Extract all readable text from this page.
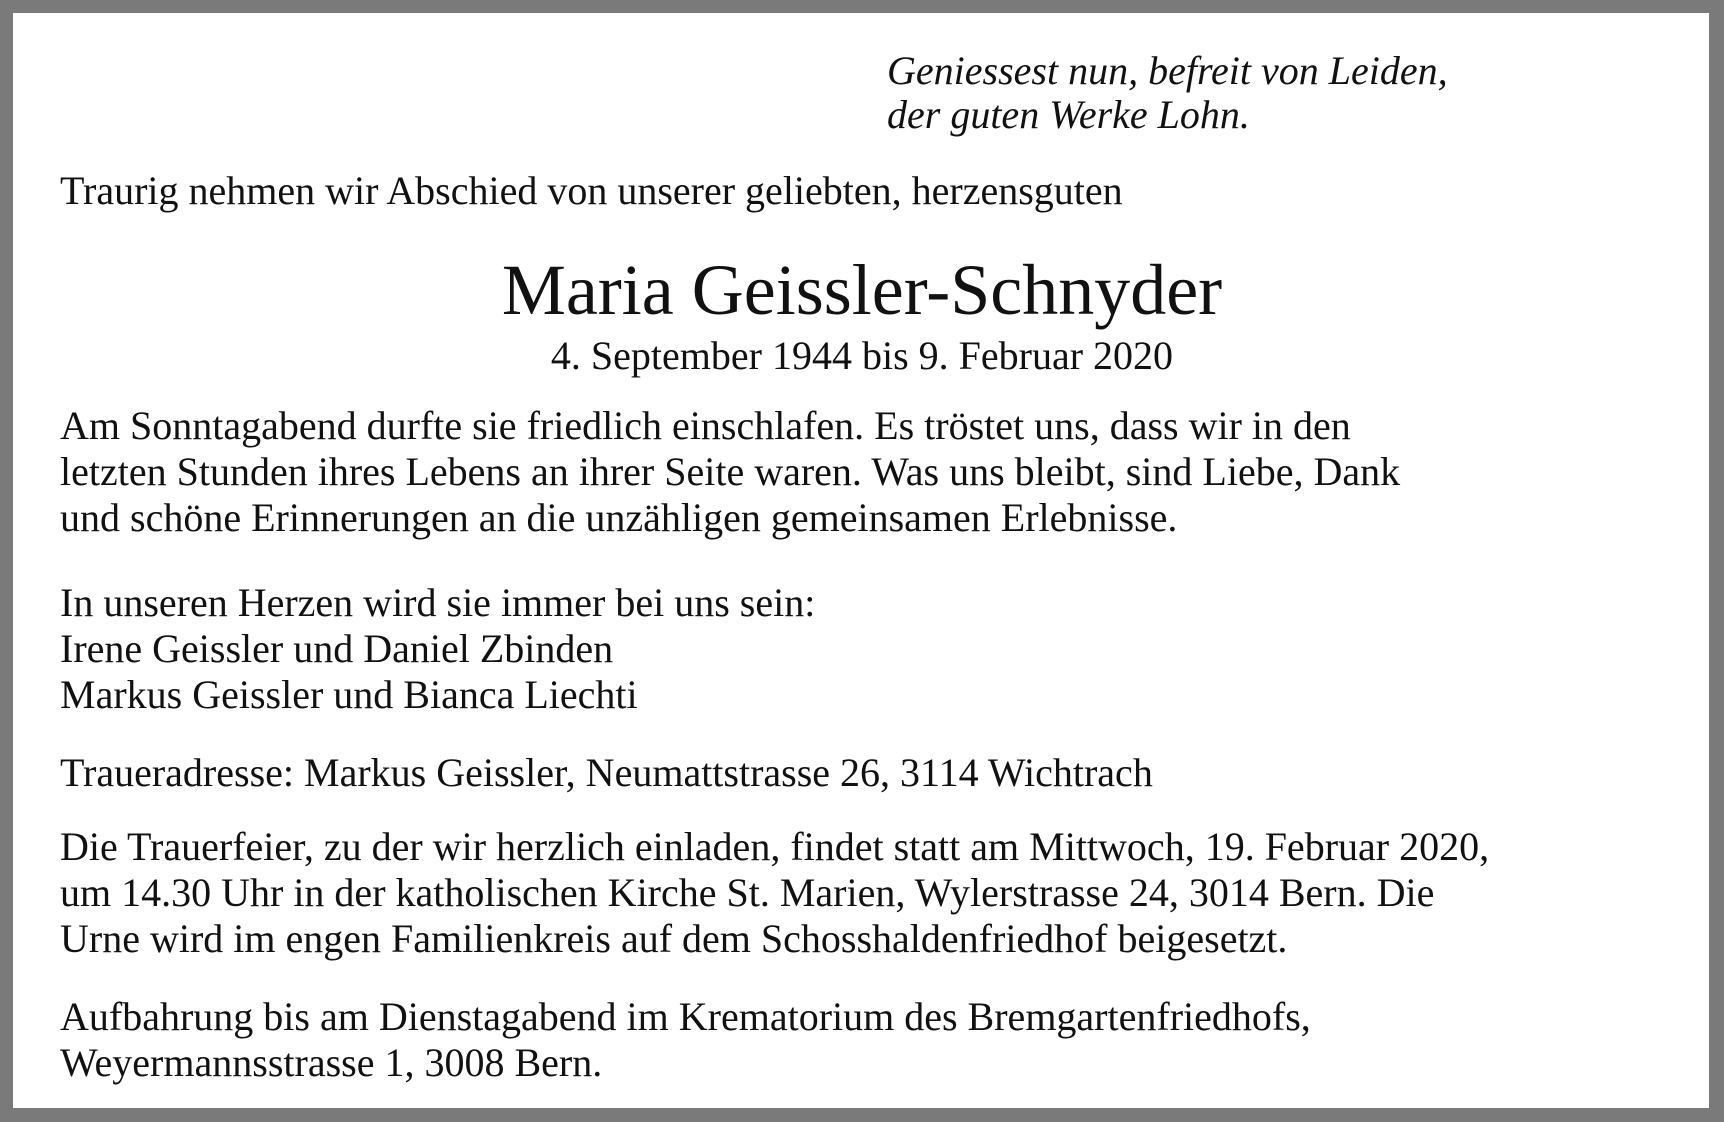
Geniessest nun, befreit von Leiden,
der guten Werke Lohn.
Traurig nehmen wir Abschied von unserer geliebten, herzensguten
Maria Geissler-Schnyder
4. September 1944 bis 9. Februar 2020
Am Sonntagabend durfte sie friedlich einschlafen. Es tröstet uns, dass wir in den
letzten Stunden ihres Lebens an ihrer Seite waren. Was uns bleibt, sind Liebe, Dank
und schöne Erinnerungen an die unzähligen gemeinsamen Erlebnisse.
In unseren Herzen wird sie immer bei uns sein:
Irene Geissler und Daniel Zbinden
Markus Geissler und Bianca Liechti
Traueradresse: Markus Geissler, Neumattstrasse 26, 3114 Wichtrach
Die Trauerfeier, zu der wir herzlich einladen, findet statt am Mittwoch, 19. Februar 2020,
um 14.30 Uhr in der katholischen Kirche St. Marien, Wylerstrasse 24, 3014 Bern. Die
Urne wird im engen Familienkreis auf dem Schosshaldenfriedhof beigesetzt.
Aufbahrung bis am Dienstagabend im Krematorium des Bremgartenfriedhofs,
Weyermannsstrasse 1, 3008 Bern.
